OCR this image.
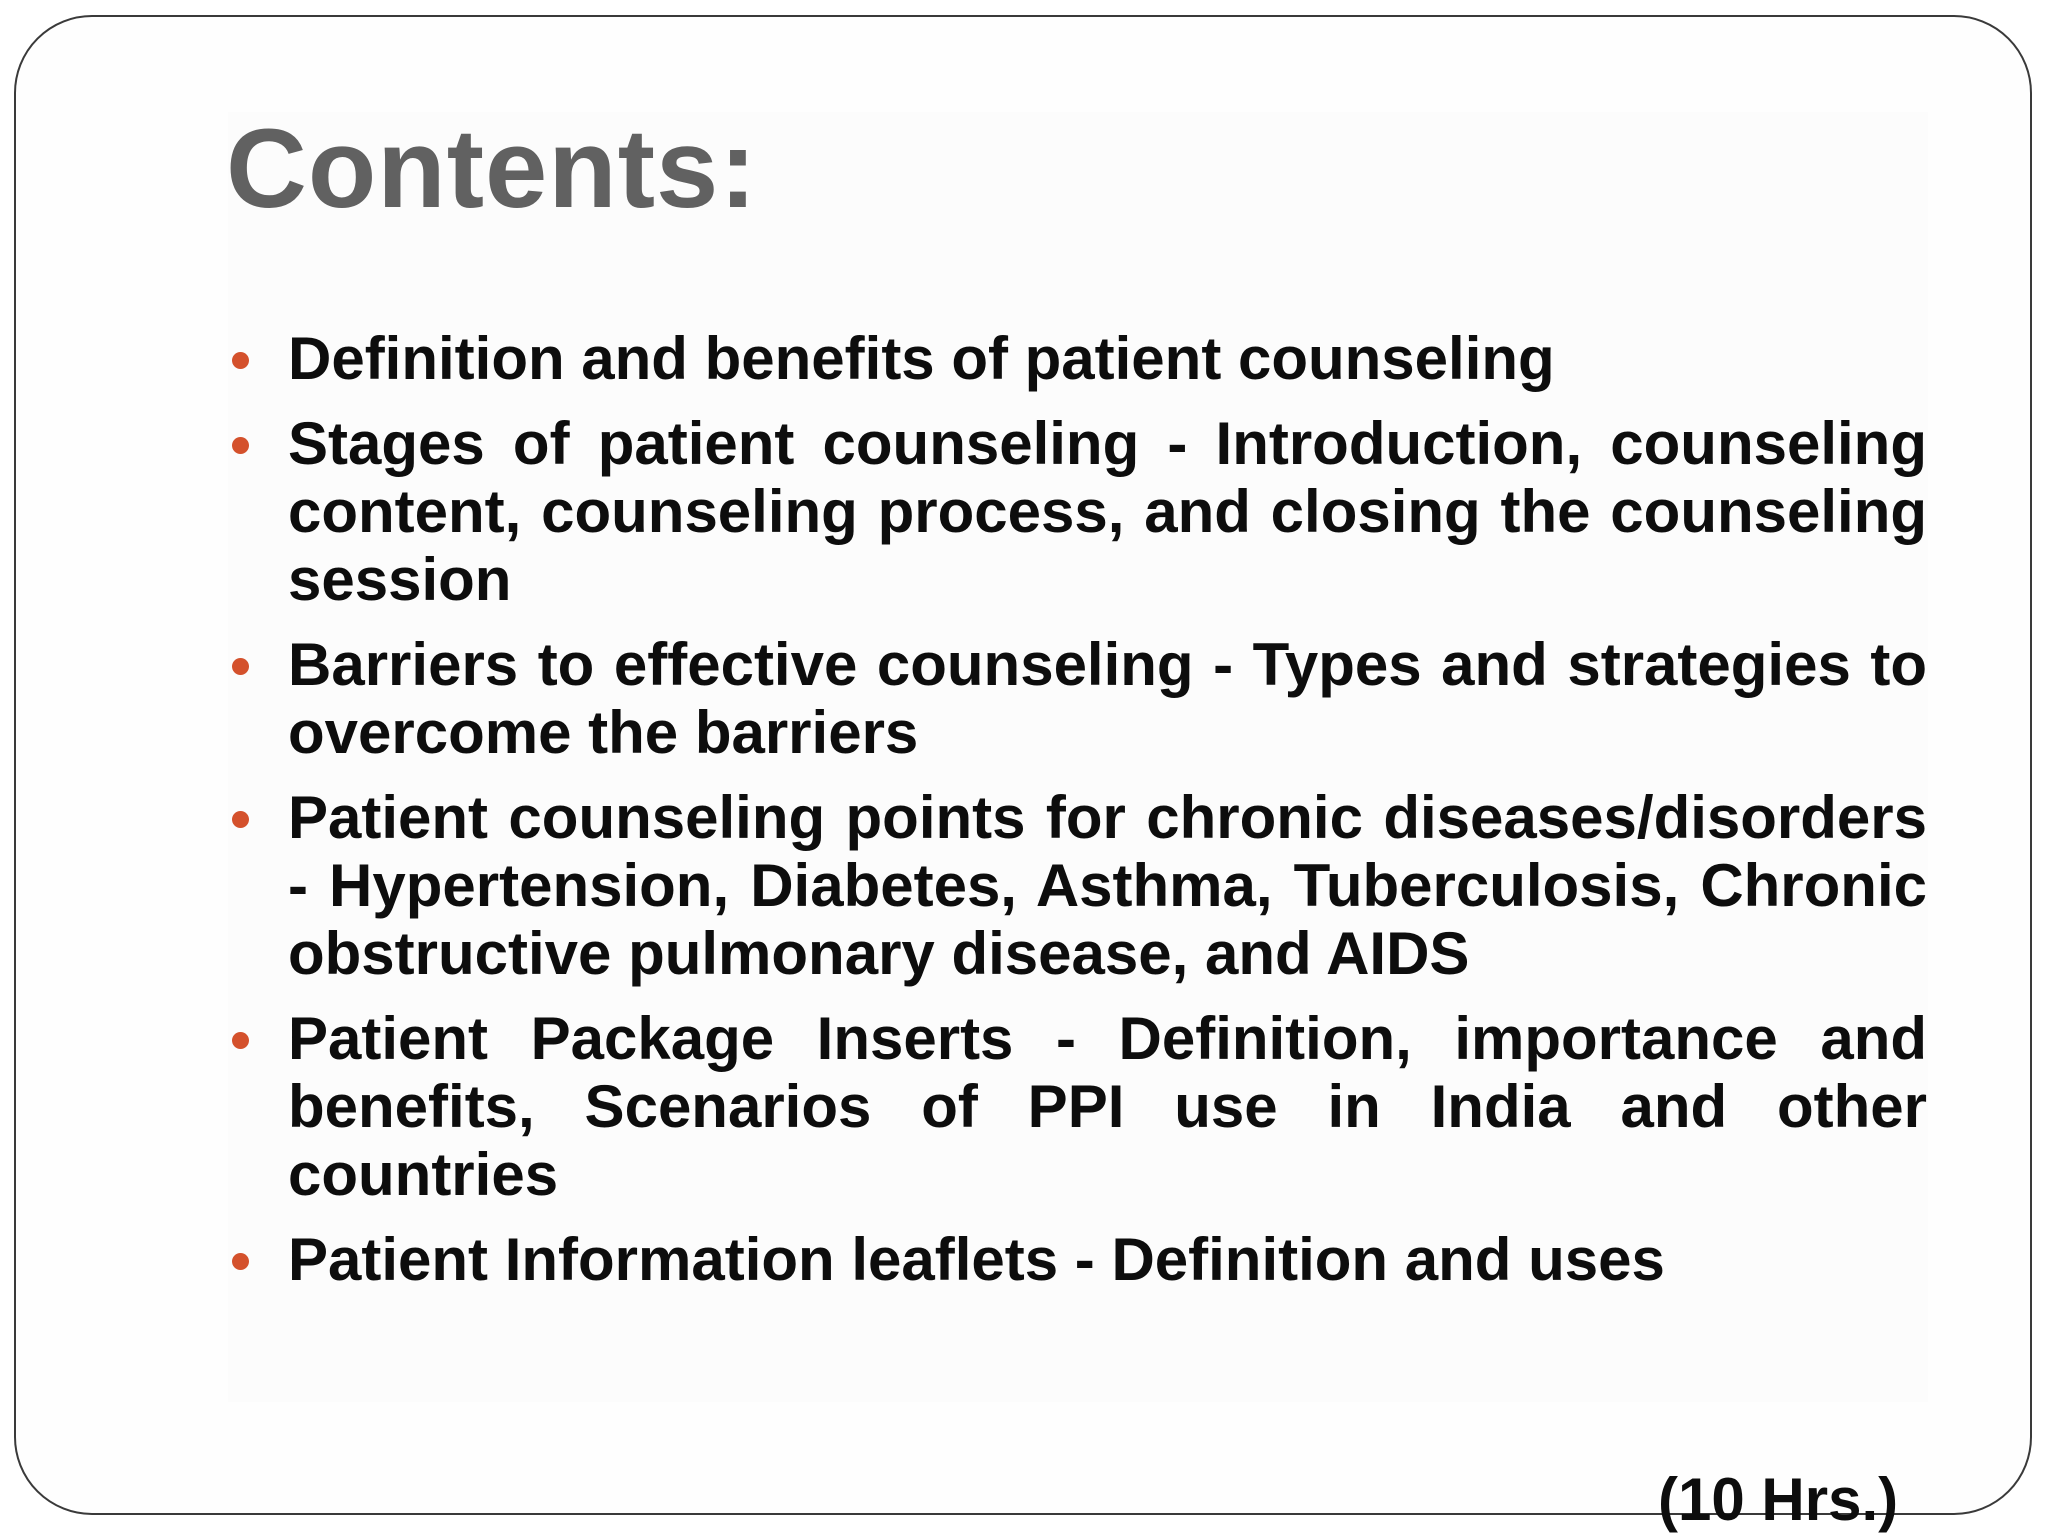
Contents:
Definition and benefits of patient counseling
Stages of patient counseling - Introduction, counseling content, counseling process, and closing the counseling session
Barriers to effective counseling - Types and strategies to overcome the barriers
Patient counseling points for chronic diseases/disorders - Hypertension, Diabetes, Asthma, Tuberculosis, Chronic obstructive pulmonary disease, and AIDS
Patient Package Inserts - Definition, importance and benefits, Scenarios of PPI use in India and other countries
Patient Information leaflets - Definition and uses

(10 Hrs.)
